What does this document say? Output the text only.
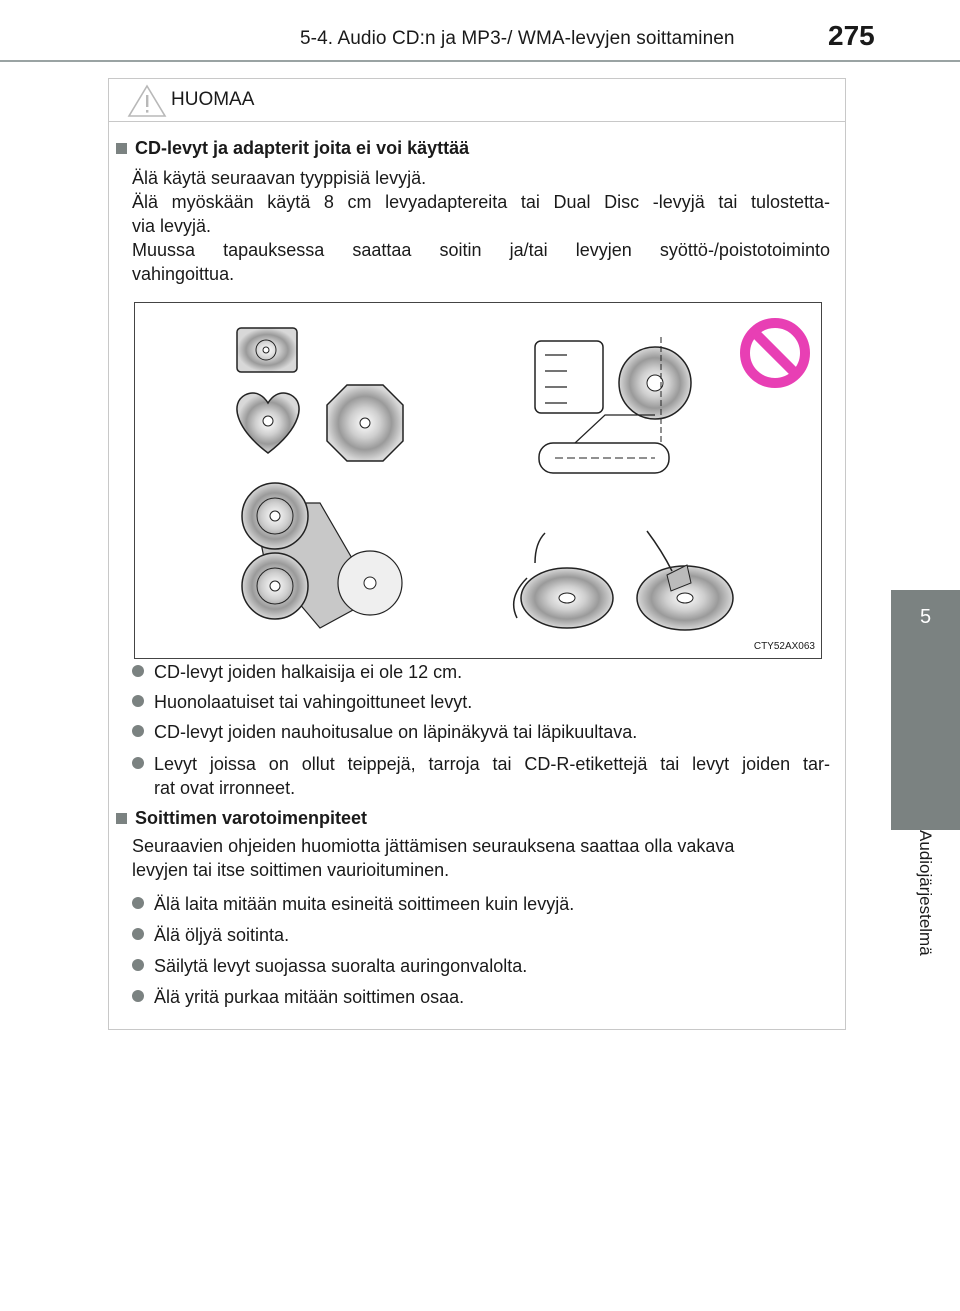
5-4. Audio CD:n ja MP3-/ WMA-levyjen soittaminen	275
5
Audiojärjestelmä
HUOMAA
CD-levyt ja adapterit joita ei voi käyttää
Älä käytä seuraavan tyyppisiä levyjä.
Älä myöskään käytä 8 cm levyadaptereita tai Dual Disc -levyjä tai tulostetta-
via levyjä.
Muussa tapauksessa saattaa soitin ja/tai levyjen syöttö-/poistotoiminto
vahingoittua.
CTY52AX063
CD-levyt joiden halkaisija ei ole 12 cm.
Huonolaatuiset tai vahingoittuneet levyt.
CD-levyt joiden nauhoitusalue on läpinäkyvä tai läpikuultava.
Levyt joissa on ollut teippejä, tarroja tai CD-R-etikettejä tai levyt joiden tar-
rat ovat irronneet.
Soittimen varotoimenpiteet
Seuraavien ohjeiden huomiotta jättämisen seurauksena saattaa olla vakava
levyjen tai itse soittimen vaurioituminen.
Älä laita mitään muita esineitä soittimeen kuin levyjä.
Älä öljyä soitinta.
Säilytä levyt suojassa suoralta auringonvalolta.
Älä yritä purkaa mitään soittimen osaa.
